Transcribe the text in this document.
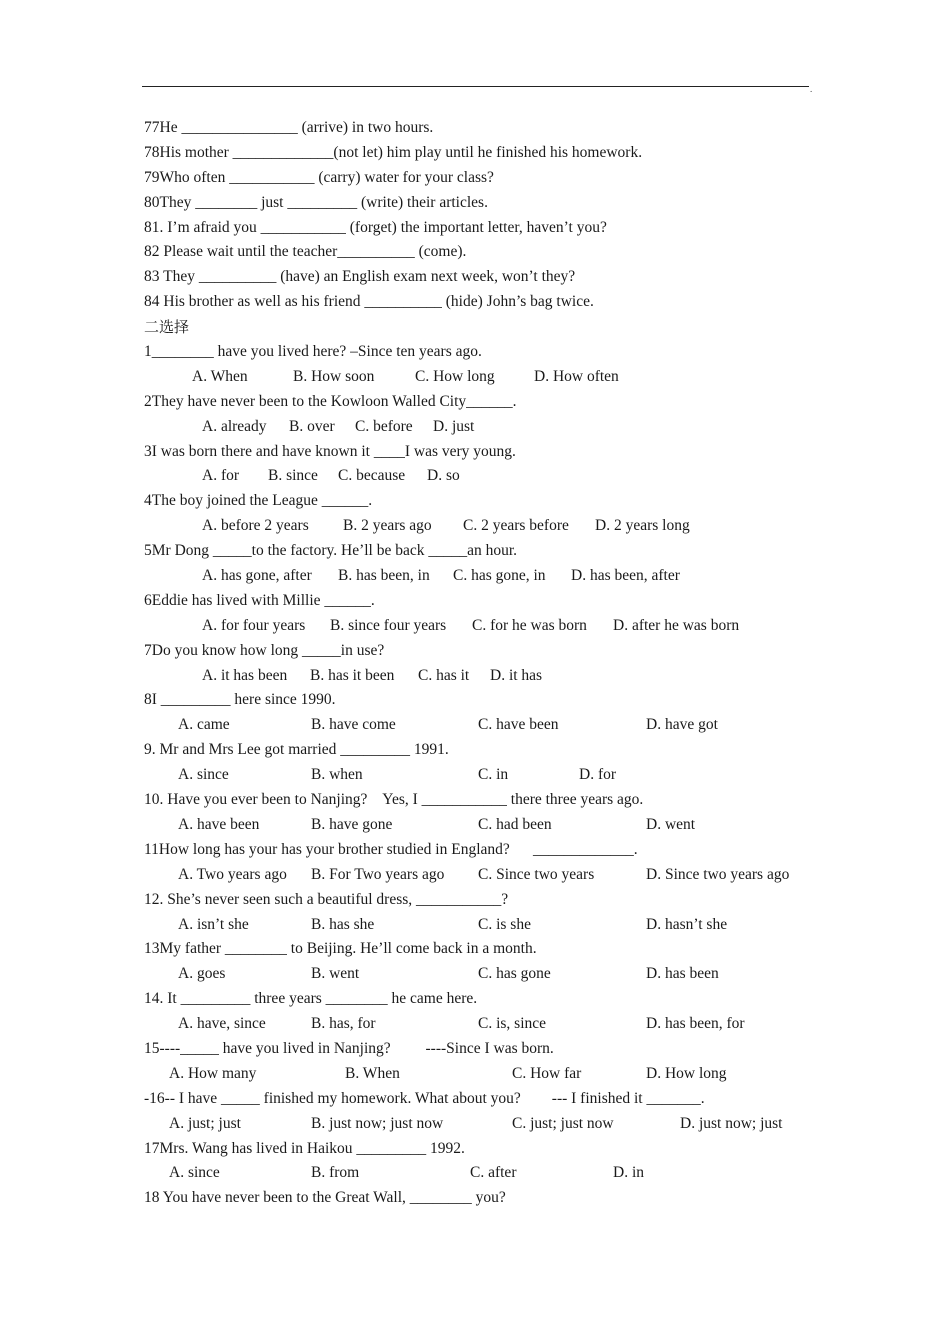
.
77He _______________ (arrive) in two hours.
78His mother _____________(not let) him play until he finished his homework.
79Who often ___________ (carry) water for your class?
80They ________ just _________ (write) their articles.
81. I’m afraid you ___________ (forget) the important letter, haven’t you?
82 Please wait until the teacher__________ (come).
83 They __________ (have) an English exam next week, won’t they?
84 His brother as well as his friend __________ (hide) John’s bag twice.
二选择
1________ have you lived here? –Since ten years ago.

A. When

	B. How soon

	C. How long

	D. How often

2They have never been to the Kowloon Walled City______.

A. already

B. over

C. before

D. just

3I was born there and have known it ____I was very young.

A. for

B. since

C. because

D. so

4The boy joined the League ______.

A. before 2 years

B. 2 years ago

C. 2 years before

D. 2 years long

5Mr Dong _____to the factory. He’ll be back _____an hour.

A. has gone, after

B. has been, in

C. has gone, in

D. has been, after

6Eddie has lived with Millie ______.

A. for four years

B. since four years

C. for he was born

D. after he was born

7Do you know how long _____in use?

A. it has been

B. has it been

C. has it

D. it has

8I _________ here since 1990.

A. came

	B. have come

	C. have been

	D. have got

9. Mr and Mrs Lee got married _________ 1991.

A. since

	B. when

	C. in

	D. for

10. Have you ever been to Nanjing?    Yes, I ___________ there three years ago.

A. have been

	B. have gone

	C. had been

	D. went

11How long has your has your brother studied in England?      _____________.

A. Two years ago

B. For Two years ago

C. Since two years

	D. Since two years ago

12. She’s never seen such a beautiful dress, ___________?

A. isn’t she

	B. has she

	C. is she

	D. hasn’t she

13My father ________ to Beijing. He’ll come back in a month.

A. goes

	B. went

	C. has gone

	D. has been

14. It _________ three years ________ he came here.

A. have, since

	B. has, for

	C. is, since

	D. has been, for

15----_____ have you lived in Nanjing?         ----Since I was born.

A. How many

	B. When

	C. How far

	D. How long

-16-- I have _____ finished my homework. What about you?        --- I finished it _______.

A. just; just

	B. just now; just now

	C. just; just now

	D. just now; just

17Mrs. Wang has lived in Haikou _________ 1992.

A. since

	B. from

	C. after

	D. in

18 You have never been to the Great Wall, ________ you?
